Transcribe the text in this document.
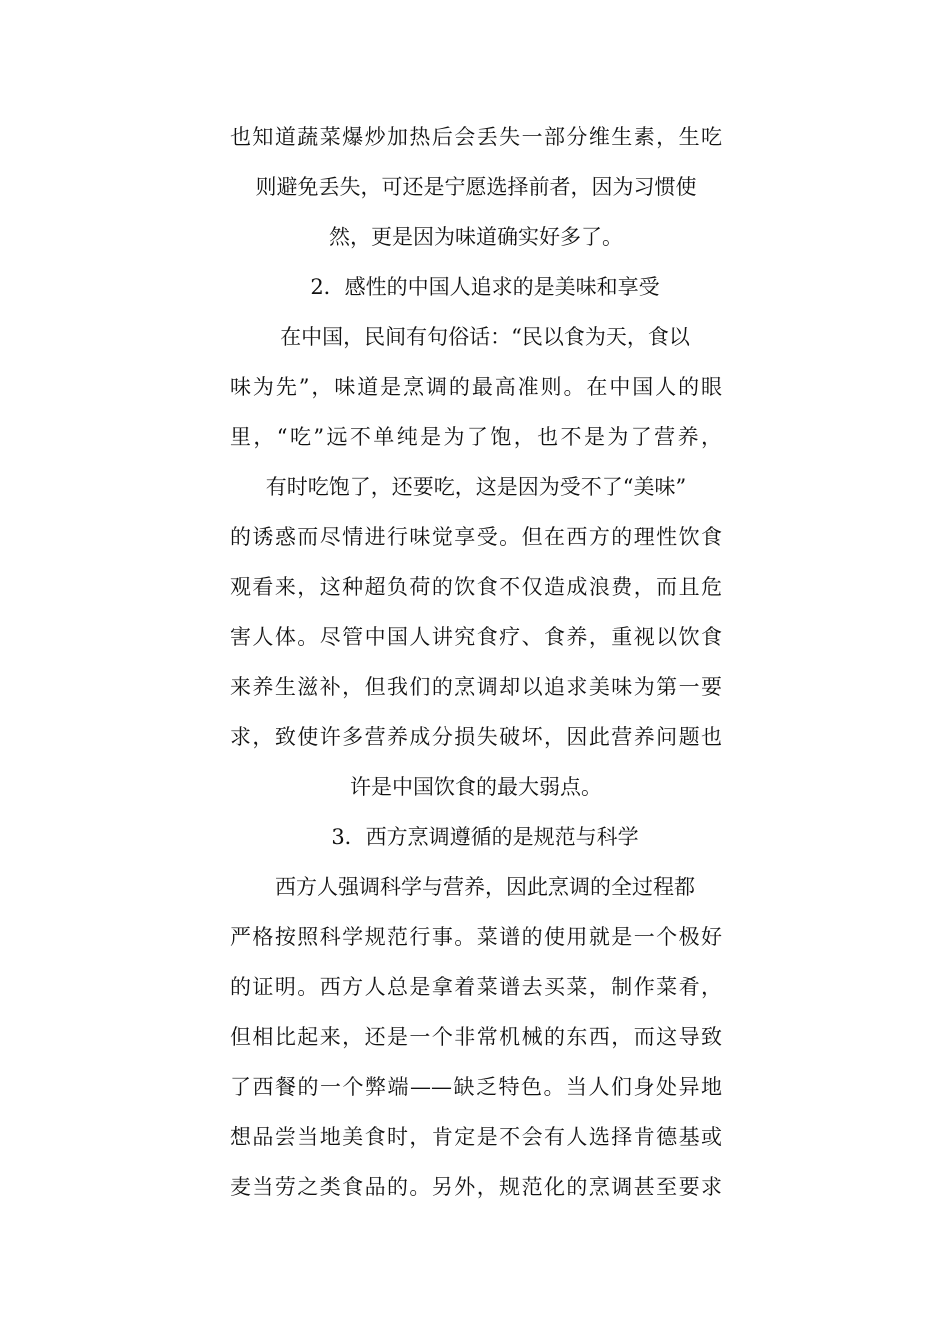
也知道蔬菜爆炒加热后会丢失一部分维生素，生吃
则避免丢失，可还是宁愿选择前者，因为习惯使
然，更是因为味道确实好多了。
2．感性的中国人追求的是美味和享受
在中国，民间有句俗话：“民以食为天，食以
味为先”，味道是烹调的最高准则。在中国人的眼
里，“吃”远不单纯是为了饱，也不是为了营养，
有时吃饱了，还要吃，这是因为受不了“美味”
的诱惑而尽情进行味觉享受。但在西方的理性饮食
观看来，这种超负荷的饮食不仅造成浪费，而且危
害人体。尽管中国人讲究食疗、食养，重视以饮食
来养生滋补，但我们的烹调却以追求美味为第一要
求，致使许多营养成分损失破坏，因此营养问题也
许是中国饮食的最大弱点。
3．西方烹调遵循的是规范与科学
西方人强调科学与营养，因此烹调的全过程都
严格按照科学规范行事。菜谱的使用就是一个极好
的证明。西方人总是拿着菜谱去买菜，制作菜肴，
但相比起来，还是一个非常机械的东西，而这导致
了西餐的一个弊端——缺乏特色。当人们身处异地
想品尝当地美食时，肯定是不会有人选择肯德基或
麦当劳之类食品的。另外，规范化的烹调甚至要求
